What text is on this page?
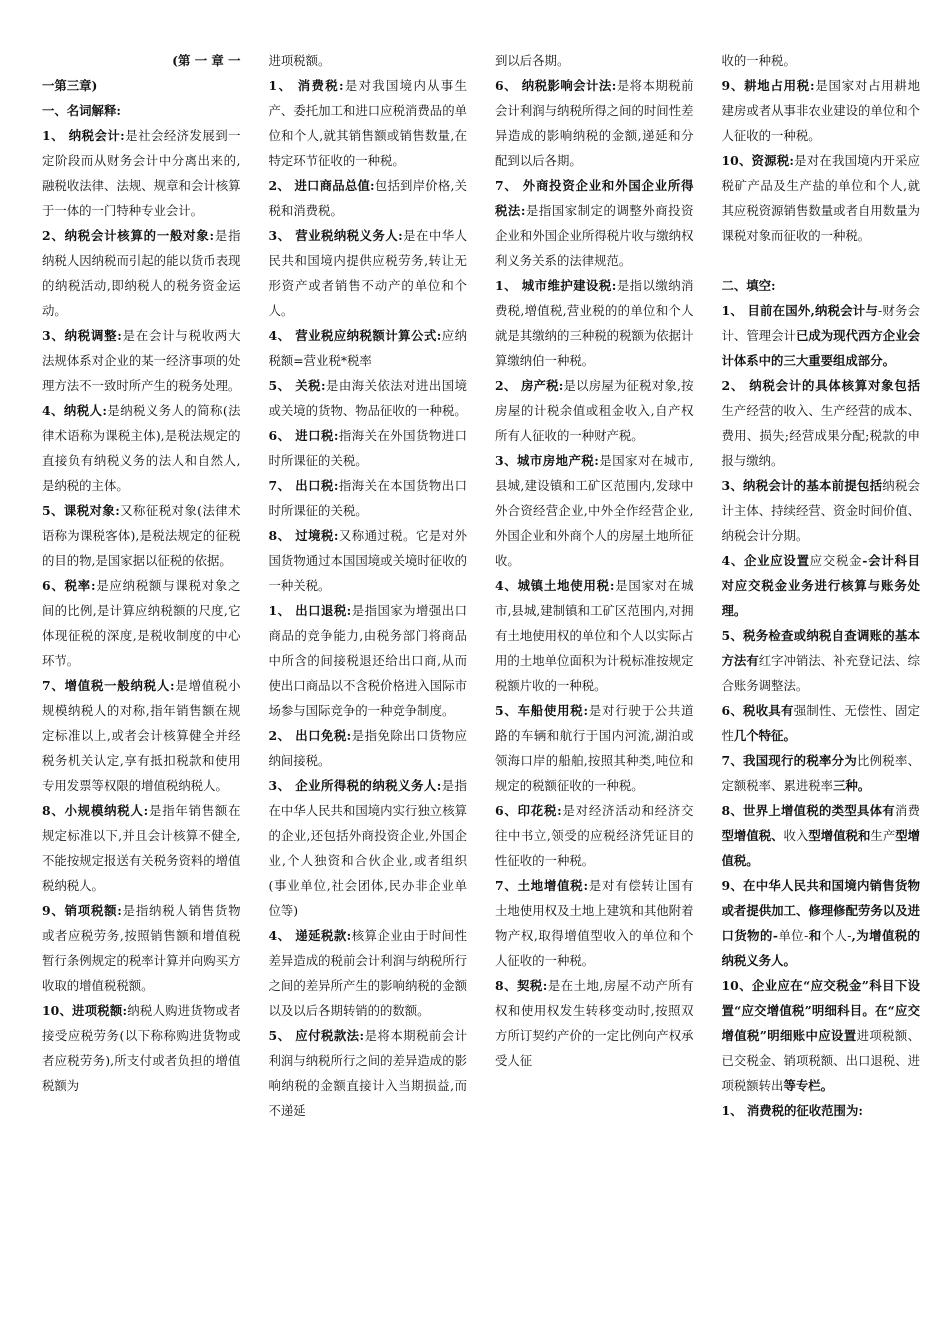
(第 一 章 一

一第三章)

一、名词解释:

1、 纳税会计:是社会经济发展到一定阶段而从财务会计中分离出来的,融税收法律、法规、规章和会计核算于一体的一门特种专业会计。

2、纳税会计核算的一般对象:是指纳税人因纳税而引起的能以货币表现的纳税活动,即纳税人的税务资金运动。

3、纳税调整:是在会计与税收两大法规体系对企业的某一经济事项的处理方法不一致时所产生的税务处理。

4、纳税人:是纳税义务人的简称(法律术语称为课税主体),是税法规定的直接负有纳税义务的法人和自然人,是纳税的主体。

5、课税对象:又称征税对象(法律术语称为课税客体),是税法规定的征税的目的物,是国家据以征税的依据。

6、税率:是应纳税额与课税对象之间的比例,是计算应纳税额的尺度,它体现征税的深度,是税收制度的中心环节。

7、增值税一般纳税人:是增值税小规模纳税人的对称,指年销售额在规定标准以上,或者会计核算健全并经税务机关认定,享有抵扣税款和使用专用发票等权限的增值税纳税人。

8、小规模纳税人:是指年销售额在规定标准以下,并且会计核算不健全,不能按规定报送有关税务资料的增值税纳税人。

9、销项税额:是指纳税人销售货物或者应税劳务,按照销售额和增值税暂行条例规定的税率计算并向购买方收取的增值税税额。

10、进项税额:纳税人购进货物或者接受应税劳务(以下称称购进货物或者应税劳务),所支付或者负担的增值税额为

进项税额。

1、 消费税:是对我国境内从事生产、委托加工和进口应税消费品的单位和个人,就其销售额或销售数量,在特定环节征收的一种税。

2、 进口商品总值:包括到岸价格,关税和消费税。

3、 营业税纳税义务人:是在中华人民共和国境内提供应税劳务,转让无形资产或者销售不动产的单位和个人。

4、 营业税应纳税额计算公式:应纳税额=营业税*税率

5、 关税:是由海关依法对进出国境或关境的货物、物品征收的一种税。

6、 进口税:指海关在外国货物进口时所课征的关税。

7、 出口税:指海关在本国货物出口时所课征的关税。

8、 过境税:又称通过税。它是对外国货物通过本国国境或关境时征收的一种关税。

1、 出口退税:是指国家为增强出口商品的竞争能力,由税务部门将商品中所含的间接税退还给出口商,从而使出口商品以不含税价格进入国际市场参与国际竞争的一种竞争制度。

2、 出口免税:是指免除出口货物应纳间接税。

3、 企业所得税的纳税义务人:是指在中华人民共和国境内实行独立核算的企业,还包括外商投资企业,外国企业,个人独资和合伙企业,或者组织(事业单位,社会团体,民办非企业单位等)

4、 递延税款:核算企业由于时间性差异造成的税前会计利润与纳税所行之间的差异所产生的影响纳税的金额以及以后各期转销的的数额。

5、 应付税款法:是将本期税前会计利润与纳税所行之间的差异造成的影响纳税的金额直接计入当期损益,而不递延

到以后各期。

6、 纳税影响会计法:是将本期税前会计利润与纳税所得之间的时间性差异造成的影响纳税的金额,递延和分配到以后各期。

7、 外商投资企业和外国企业所得税法:是指国家制定的调整外商投资企业和外国企业所得税片收与缴纳权利义务关系的法律规范。

1、 城市维护建设税:是指以缴纳消费税,增值税,营业税的的单位和个人就是其缴纳的三种税的税额为依据计算缴纳伯一种税。

2、 房产税:是以房屋为征税对象,按房屋的计税余值或租金收入,自产权所有人征收的一种财产税。

3、城市房地产税:是国家对在城市,县城,建设镇和工矿区范围内,发球中外合资经营企业,中外全作经营企业,外国企业和外商个人的房屋土地所征收。

4、城镇土地使用税:是国家对在城市,县城,建制镇和工矿区范围内,对拥有土地使用权的单位和个人以实际占用的土地单位面积为计税标准按规定税额片收的一种税。

5、车船使用税:是对行驶于公共道路的车辆和航行于国内河流,湖泊或领海口岸的船舶,按照其种类,吨位和规定的税额征收的一种税。

6、印花税:是对经济活动和经济交往中书立,领受的应税经济凭证目的性征收的一种税。

7、土地增值税:是对有偿转让国有土地使用权及土地上建筑和其他附着物产权,取得增值型收入的单位和个人征收的一种税。

8、契税:是在土地,房屋不动产所有权和使用权发生转移变动时,按照双方所订契约产价的一定比例向产权承受人征

收的一种税。

9、耕地占用税:是国家对占用耕地建房或者从事非农业建设的单位和个人征收的一种税。

10、资源税:是对在我国境内开采应税矿产品及生产盐的单位和个人,就其应税资源销售数量或者自用数量为课税对象而征收的一种税。

二、填空:

1、 目前在国外,纳税会计与-财务会计、管理会计已成为现代西方企业会计体系中的三大重要组成部分。

2、 纳税会计的具体核算对象包括生产经营的收入、生产经营的成本、费用、损失;经营成果分配;税款的申报与缴纳。

3、纳税会计的基本前提包括纳税会计主体、持续经营、资金时间价值、纳税会计分期。

4、企业应设置应交税金-会计科目对应交税金业务进行核算与账务处理。

5、税务检查或纳税自查调账的基本方法有红字冲销法、补充登记法、综合账务调整法。

6、税收具有强制性、无偿性、固定性几个特征。

7、我国现行的税率分为比例税率、定额税率、累进税率三种。

8、世界上增值税的类型具体有消费型增值税、收入型增值税和生产型增值税。

9、在中华人民共和国境内销售货物或者提供加工、修理修配劳务以及进口货物的-单位-和个人-,为增值税的纳税义务人。

10、企业应在“应交税金”科目下设置“应交增值税”明细科目。在“应交增值税”明细账中应设置进项税额、已交税金、销项税额、出口退税、进项税额转出等专栏。

1、 消费税的征收范围为:
